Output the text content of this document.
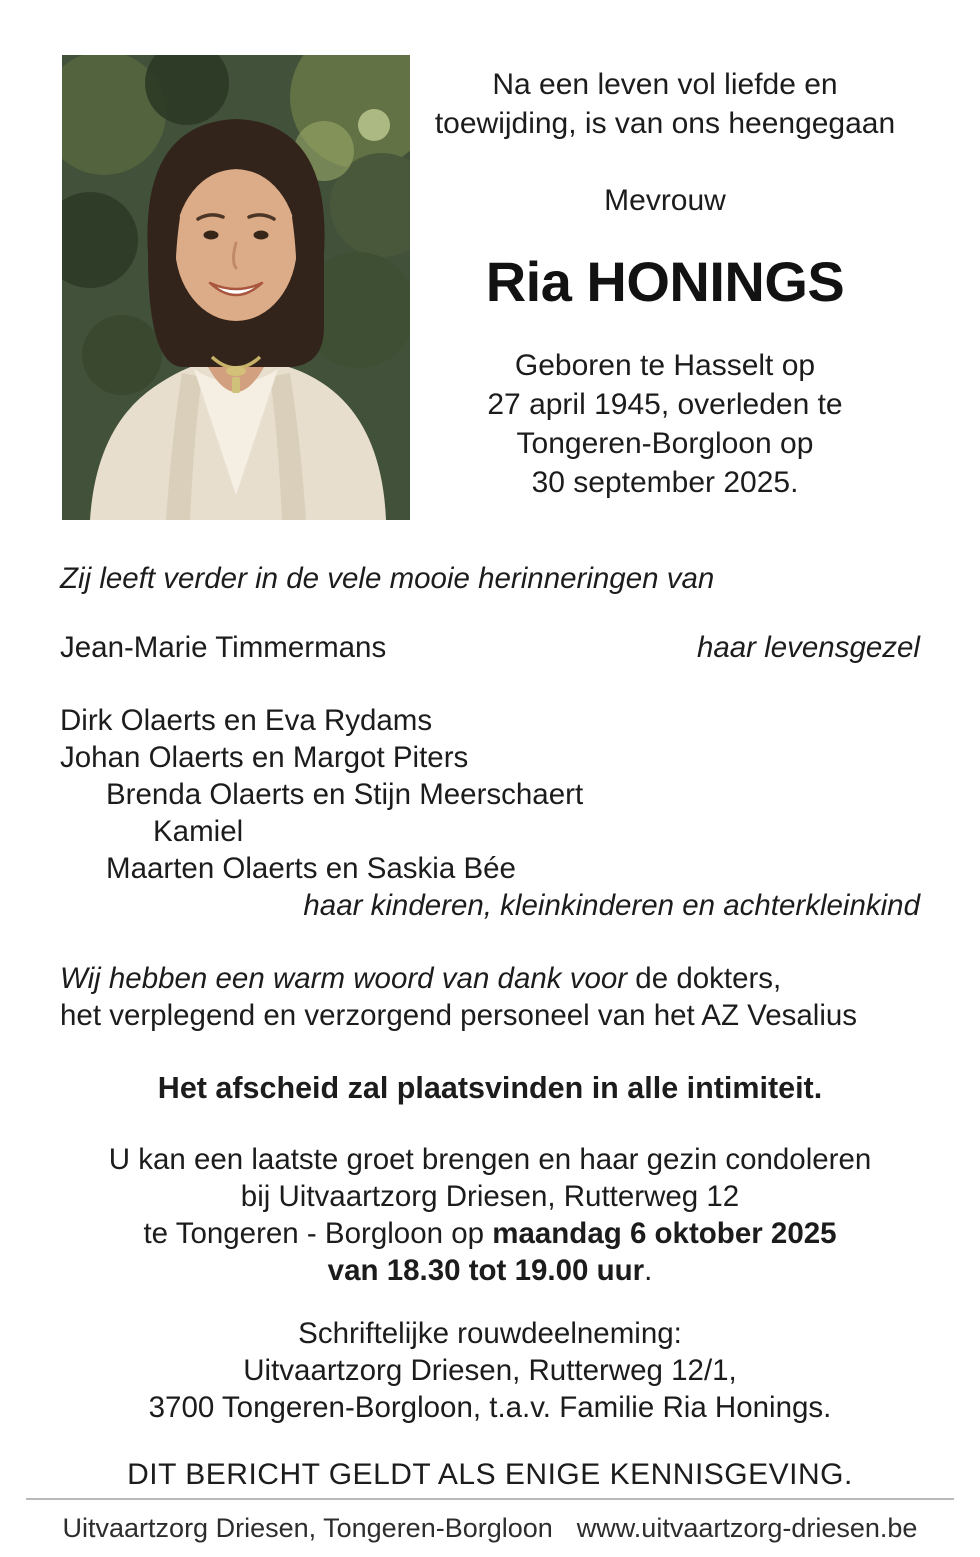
Na een leven vol liefde en
toewijding, is van ons heengegaan
Mevrouw
Ria HONINGS
Geboren te Hasselt op
27 april 1945, overleden te
Tongeren-Borgloon op
30 september 2025.

Zij leeft verder in de vele mooie herinneringen van

Jean-Marie Timmermans	haar levensgezel
Dirk Olaerts en Eva Rydams
Johan Olaerts en Margot Piters
Brenda Olaerts en Stijn Meerschaert
Kamiel
Maarten Olaerts en Saskia Bée
haar kinderen, kleinkinderen en achterkleinkind

Wij hebben een warm woord van dank voor de dokters,
het verplegend en verzorgend personeel van het AZ Vesalius

Het afscheid zal plaatsvinden in alle intimiteit.

U kan een laatste groet brengen en haar gezin condoleren
bij Uitvaartzorg Driesen, Rutterweg 12
te Tongeren - Borgloon op maandag 6 oktober 2025
van 18.30 tot 19.00 uur.
Schriftelijke rouwdeelneming:
Uitvaartzorg Driesen, Rutterweg 12/1,
3700 Tongeren-Borgloon, t.a.v. Familie Ria Honings.

DIT BERICHT GELDT ALS ENIGE KENNISGEVING.

Uitvaartzorg Driesen, Tongeren-Borgloon www.uitvaartzorg-driesen.be
